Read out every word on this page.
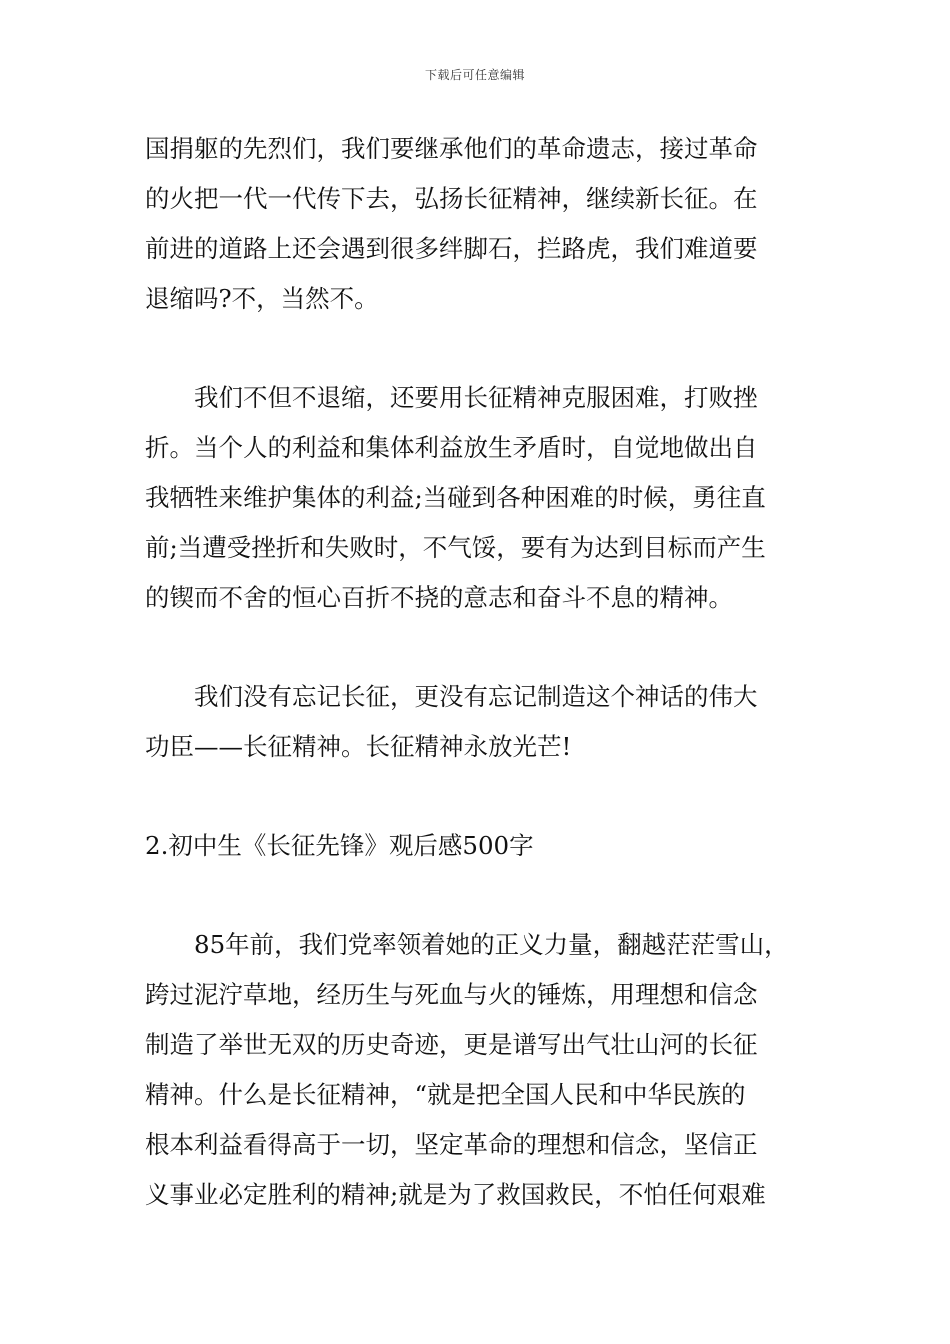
下载后可任意编辑
国捐躯的先烈们，我们要继承他们的革命遗志，接过革命
的火把一代一代传下去，弘扬长征精神，继续新长征。在
前进的道路上还会遇到很多绊脚石，拦路虎，我们难道要
退缩吗?不，当然不。
　　我们不但不退缩，还要用长征精神克服困难，打败挫
折。当个人的利益和集体利益放生矛盾时，自觉地做出自
我牺牲来维护集体的利益;当碰到各种困难的时候，勇往直
前;当遭受挫折和失败时，不气馁，要有为达到目标而产生
的锲而不舍的恒心百折不挠的意志和奋斗不息的精神。
　　我们没有忘记长征，更没有忘记制造这个神话的伟大
功臣——长征精神。长征精神永放光芒!
2.初中生《长征先锋》观后感500字
　　85年前，我们党率领着她的正义力量，翻越茫茫雪山，
跨过泥泞草地，经历生与死血与火的锤炼，用理想和信念
制造了举世无双的历史奇迹，更是谱写出气壮山河的长征
精神。什么是长征精神，“就是把全国人民和中华民族的
根本利益看得高于一切，坚定革命的理想和信念，坚信正
义事业必定胜利的精神;就是为了救国救民，不怕任何艰难
